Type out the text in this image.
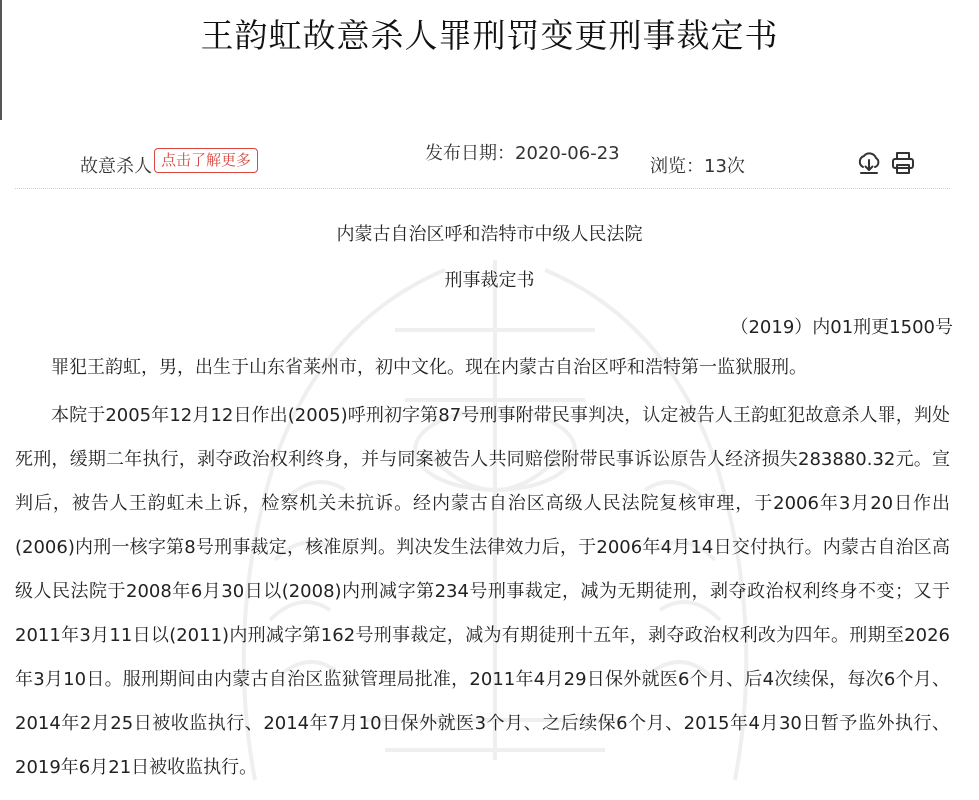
王韵虹故意杀人罪刑罚变更刑事裁定书
故意杀人 点击了解更多	发布日期：2020-06-23
浏览：13次
内蒙古自治区呼和浩特市中级人民法院
刑事裁定书
（2019）内01刑更1500号

罪犯王韵虹，男，出生于山东省莱州市，初中文化。现在内蒙古自治区呼和浩特第一监狱服刑。

本院于2005年12月12日作出(2005)呼刑初字第87号刑事附带民事判决，认定被告人王韵虹犯故意杀人罪，判处死刑，缓期二年执行，剥夺政治权利终身，并与同案被告人共同赔偿附带民事诉讼原告人经济损失283880.32元。宣判后，被告人王韵虹未上诉，检察机关未抗诉。经内蒙古自治区高级人民法院复核审理，于2006年3月20日作出(2006)内刑一核字第8号刑事裁定，核准原判。判决发生法律效力后，于2006年4月14日交付执行。内蒙古自治区高级人民法院于2008年6月30日以(2008)内刑减字第234号刑事裁定，减为无期徒刑，剥夺政治权利终身不变；又于2011年3月11日以(2011)内刑减字第162号刑事裁定，减为有期徒刑十五年，剥夺政治权利改为四年。刑期至2026年3月10日。服刑期间由内蒙古自治区监狱管理局批准，2011年4月29日保外就医6个月、后4次续保，每次6个月、2014年2月25日被收监执行、2014年7月10日保外就医3个月、之后续保6个月、2015年4月30日暂予监外执行、2019年6月21日被收监执行。
